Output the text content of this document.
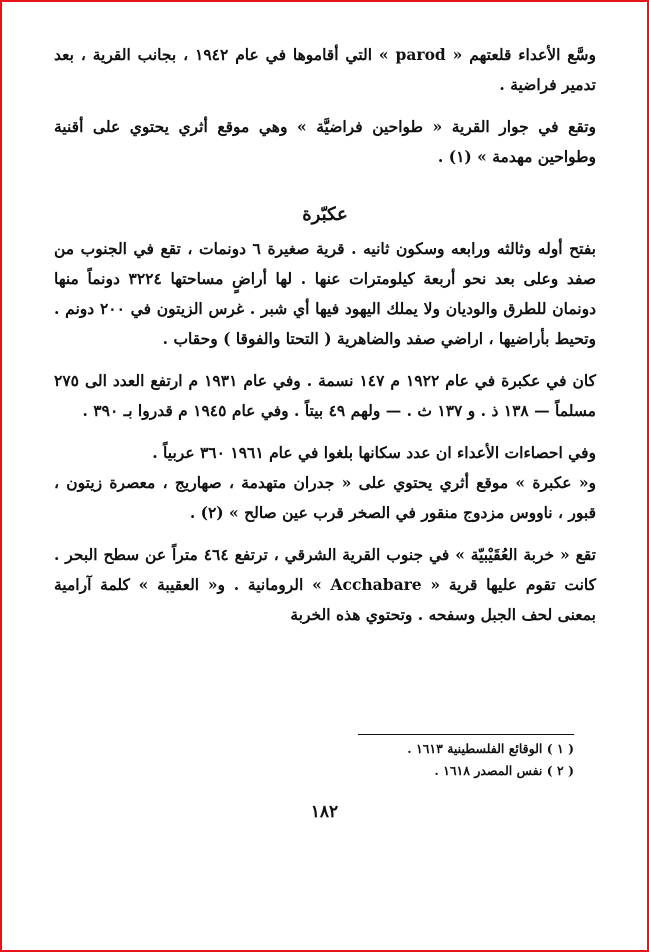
وسَّع الأعداء قلعتهم « parod » التي أقاموها في عام ١٩٤٢ ، بجانب القرية ، بعد تدمير فراضية .

وتقع في جوار القرية « طواحين فراضيَّة » وهي موقع أثري يحتوي على أقنية وطواحين مهدمة » (١) .

عكبّرة

بفتح أوله وثالثه ورابعه وسكون ثانيه . قرية صغيرة ٦ دونمات ، تقع في الجنوب من صفد وعلى بعد نحو أربعة كيلومترات عنها . لها أراضٍ مساحتها ٣٢٢٤ دونماً منها دونمان للطرق والوديان ولا يملك اليهود فيها أي شبر . غرس الزيتون في ٢٠٠ دونم . وتحيط بأراضيها ، اراضي صفد والضاهرية ( التحتا والفوقا ) وحقاب .

كان في عكبرة في عام ١٩٢٢ م ١٤٧ نسمة . وفي عام ١٩٣١ م ارتفع العدد الى ٢٧٥ مسلماً — ١٣٨ ذ . و ١٣٧ ث . — ولهم ٤٩ بيتاً . وفي عام ١٩٤٥ م قدروا بـ ٣٩٠ .

وفي احصاءات الأعداء ان عدد سكانها بلغوا في عام ١٩٦١ ٣٦٠ عربياً .

و« عكبرة » موقع أثري يحتوي على « جدران متهدمة ، صهاريج ، معصرة زيتون ، قبور ، ناووس مزدوج منقور في الصخر قرب عين صالح » (٢) .

تقع « خربة العُقَيْبيّة » في جنوب القرية الشرقي ، ترتفع ٤٦٤ متراً عن سطح البحر . كانت تقوم عليها قرية « Acchabare » الرومانية . و« العقيبة » كلمة آرامية بمعنى لحف الجبل وسفحه . وتحتوي هذه الخربة

( ١ ) الوقائع الفلسطينية ١٦١٣ .
( ٢ ) نفس المصدر ١٦١٨ .
١٨٢
